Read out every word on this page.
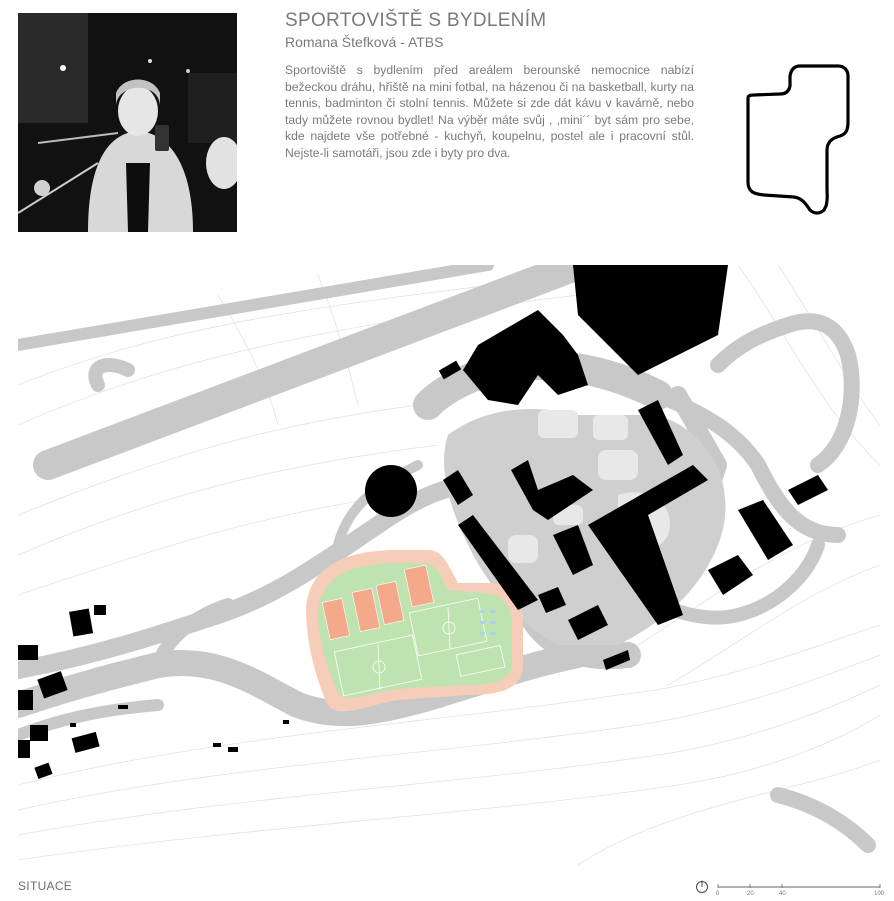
SPORTOVIŠTĚ S BYDLENÍM
Romana Štefková - ATBS

Sportoviště s bydlením před areálem berounské nemocnice nabízí bežeckou dráhu, hřiště na mini fotbal, na házenou či na basketball, kurty na tennis, badminton či stolní tennis. Můžete si zde dát kávu v kavárně, nebo tady můžete rovnou bydlet! Na výběr máte svůj , ,mini´´ byt sám pro sebe, kde najdete vše potřebné - kuchyň, koupelnu, postel ale i pracovní stůl. Nejste-li samotáři, jsou zde i byty pro dva.

SITUACE
0	20	40	100
